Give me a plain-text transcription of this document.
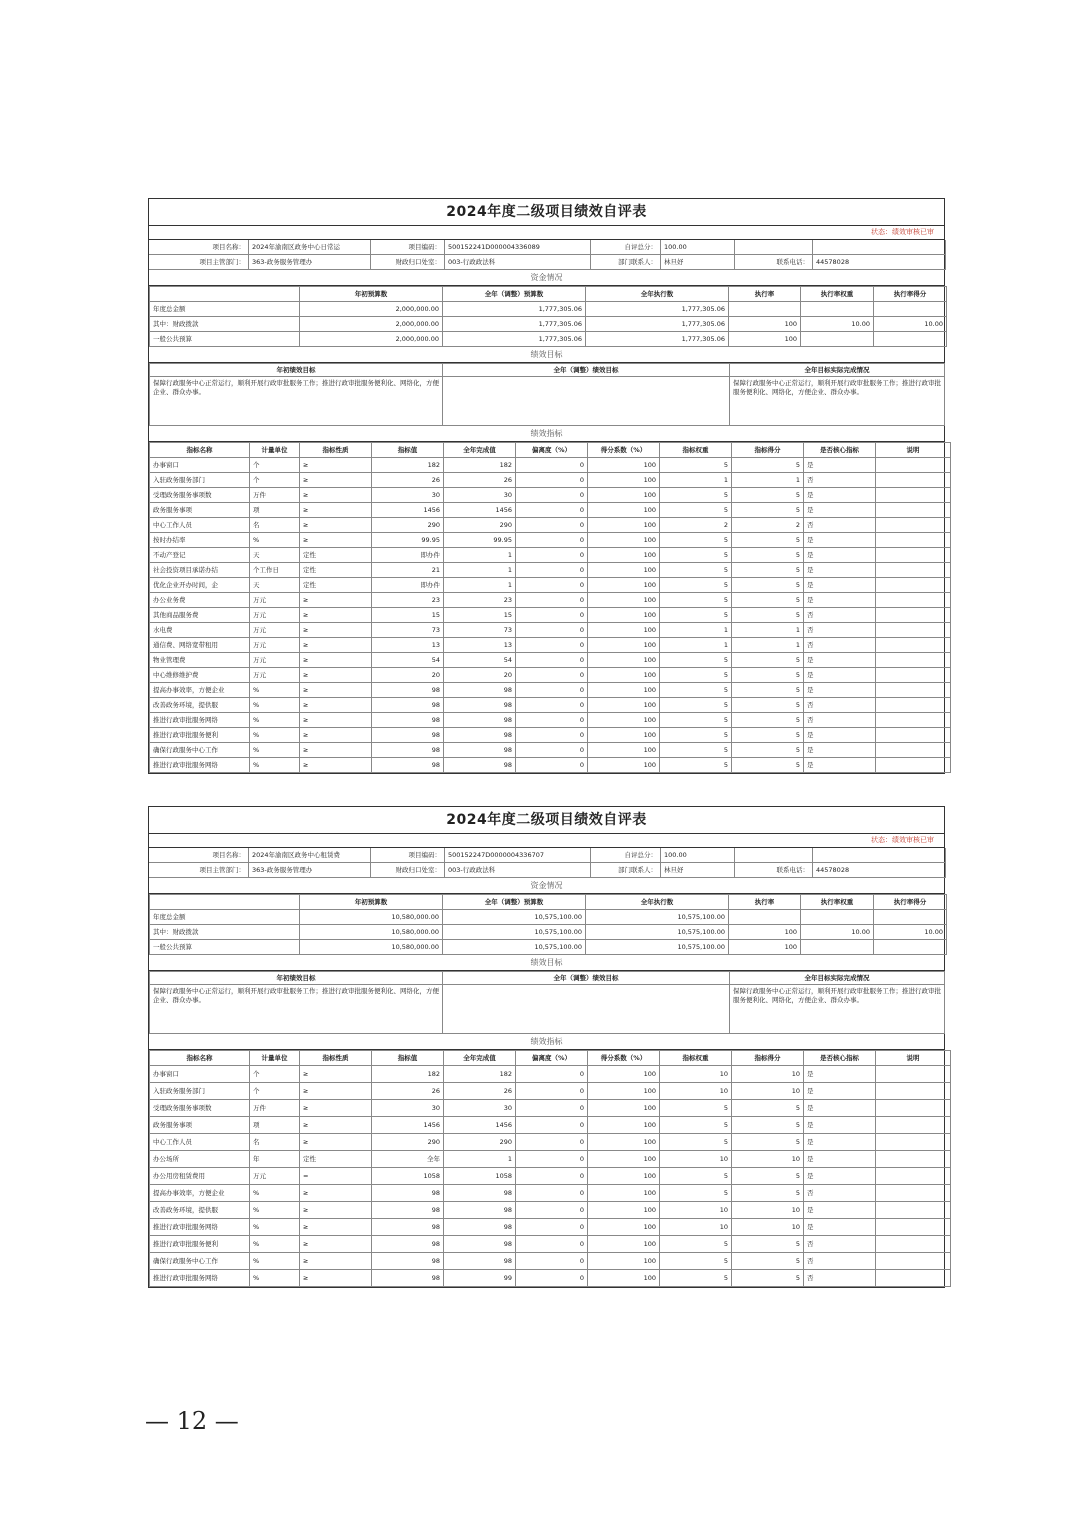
2024年度二级项目绩效自评表
状态：绩效审核已审
项目名称：	2024年渝南区政务中心日常运	项目编码：	500152241D000004336089	自评总分：	100.00
项目主管部门：	363-政务服务管理办	财政归口处室：	003-行政政法科	部门联系人：	林旦妤	联系电话：	44578028
资金情况
	年初预算数	全年（调整）预算数	全年执行数	执行率	执行率权重	执行率得分
年度总金额	2,000,000.00	1,777,305.06	1,777,305.06			
其中：财政拨款	2,000,000.00	1,777,305.06	1,777,305.06	100	10.00	10.00
一般公共预算	2,000,000.00	1,777,305.06	1,777,305.06	100		
绩效目标
年初绩效目标	全年（调整）绩效目标	全年目标实际完成情况
保障行政服务中心正常运行，顺利开展行政审批服务工作；推进行政审批服务便利化、网络化，方便企业、群众办事。		保障行政服务中心正常运行，顺利开展行政审批服务工作；推进行政审批服务便利化、网络化，方便企业、群众办事。
绩效指标
指标名称	计量单位	指标性质	指标值	全年完成值	偏离度（%）	得分系数（%）	指标权重	指标得分	是否核心指标	说明
办事窗口	个	≥	182	182	0	100	5	5	是	
入驻政务服务部门	个	≥	26	26	0	100	1	1	否	
受理政务服务事项数	万件	≥	30	30	0	100	5	5	是	
政务服务事项	项	≥	1456	1456	0	100	5	5	是	
中心工作人员	名	≥	290	290	0	100	2	2	否	
按时办结率	%	≥	99.95	99.95	0	100	5	5	是	
不动产登记	天	定性	即办件	1	0	100	5	5	是	
社会投资项目承诺办结	个工作日	定性	21	1	0	100	5	5	是	
优化企业开办时间，企	天	定性	即办件	1	0	100	5	5	是	
办公业务费	万元	≥	23	23	0	100	5	5	是	
其他商品服务费	万元	≥	15	15	0	100	5	5	否	
水电费	万元	≥	73	73	0	100	1	1	否	
通信费、网络宽带租用	万元	≥	13	13	0	100	1	1	否	
物业管理费	万元	≥	54	54	0	100	5	5	是	
中心维修维护费	万元	≥	20	20	0	100	5	5	是	
提高办事效率，方便企业	%	≥	98	98	0	100	5	5	是	
改善政务环境，提供服	%	≥	98	98	0	100	5	5	否	
推进行政审批服务网络	%	≥	98	98	0	100	5	5	否	
推进行政审批服务便利	%	≥	98	98	0	100	5	5	是	
确保行政服务中心工作	%	≥	98	98	0	100	5	5	是	
推进行政审批服务网络	%	≥	98	98	0	100	5	5	是	
2024年度二级项目绩效自评表
状态：绩效审核已审
项目名称：	2024年渝南区政务中心租赁费	项目编码：	500152247D0000004336707	自评总分：	100.00
项目主管部门：	363-政务服务管理办	财政归口处室：	003-行政政法科	部门联系人：	林旦妤	联系电话：	44578028
资金情况
	年初预算数	全年（调整）预算数	全年执行数	执行率	执行率权重	执行率得分
年度总金额	10,580,000.00	10,575,100.00	10,575,100.00			
其中：财政拨款	10,580,000.00	10,575,100.00	10,575,100.00	100	10.00	10.00
一般公共预算	10,580,000.00	10,575,100.00	10,575,100.00	100		
绩效目标
年初绩效目标	全年（调整）绩效目标	全年目标实际完成情况
保障行政服务中心正常运行，顺利开展行政审批服务工作；推进行政审批服务便利化、网络化，方便企业、群众办事。		保障行政服务中心正常运行，顺利开展行政审批服务工作；推进行政审批服务便利化、网络化，方便企业、群众办事。
绩效指标
指标名称	计量单位	指标性质	指标值	全年完成值	偏离度（%）	得分系数（%）	指标权重	指标得分	是否核心指标	说明
办事窗口	个	≥	182	182	0	100	10	10	是	
入驻政务服务部门	个	≥	26	26	0	100	10	10	是	
受理政务服务事项数	万件	≥	30	30	0	100	5	5	是	
政务服务事项	项	≥	1456	1456	0	100	5	5	是	
中心工作人员	名	≥	290	290	0	100	5	5	是	
办公场所	年	定性	全年	1	0	100	10	10	是	
办公用房租赁费用	万元	=	1058	1058	0	100	5	5	是	
提高办事效率，方便企业	%	≥	98	98	0	100	5	5	否	
改善政务环境，提供服	%	≥	98	98	0	100	10	10	是	
推进行政审批服务网络	%	≥	98	98	0	100	10	10	是	
推进行政审批服务便利	%	≥	98	98	0	100	5	5	否	
确保行政服务中心工作	%	≥	98	98	0	100	5	5	否	
推进行政审批服务网络	%	≥	98	99	0	100	5	5	否	
— 12 —
